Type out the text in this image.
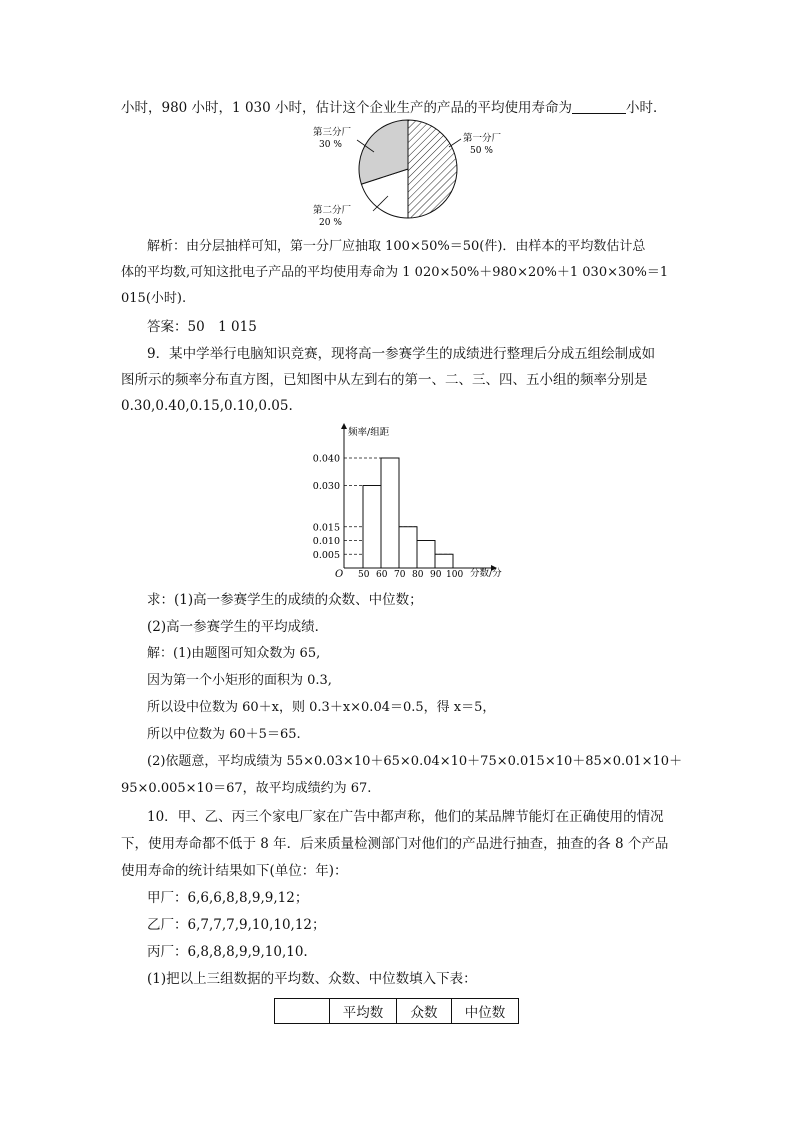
小时，980 小时，1 030 小时，估计这个企业生产的产品的平均使用寿命为	小时．
第一分厂
50 %
第二分厂
20 %
第三分厂
30 %
解析：由分层抽样可知，第一分厂应抽取 100×50%＝50(件)．由样本的平均数估计总
体的平均数,可知这批电子产品的平均使用寿命为 1 020×50%＋980×20%＋1 030×30%＝1
015(小时).
答案：50　1 015
9．某中学举行电脑知识竞赛，现将高一参赛学生的成绩进行整理后分成五组绘制成如
图所示的频率分布直方图，已知图中从左到右的第一、二、三、四、五小组的频率分别是
0.30,0.40,0.15,0.10,0.05.
频率/组距
O	分数/分
0.005
0.010
0.015
0.030
0.040
50 60 70 80 90 100
求：(1)高一参赛学生的成绩的众数、中位数；
(2)高一参赛学生的平均成绩．
解：(1)由题图可知众数为 65,
因为第一个小矩形的面积为 0.3,
所以设中位数为 60＋x，则 0.3＋x×0.04＝0.5，得 x＝5，
所以中位数为 60＋5＝65.
(2)依题意，平均成绩为 55×0.03×10＋65×0.04×10＋75×0.015×10＋85×0.01×10＋
95×0.005×10＝67，故平均成绩约为 67.
10．甲、乙、丙三个家电厂家在广告中都声称，他们的某品牌节能灯在正确使用的情况
下，使用寿命都不低于 8 年．后来质量检测部门对他们的产品进行抽查，抽查的各 8 个产品
使用寿命的统计结果如下(单位：年)：
甲厂：6,6,6,8,8,9,9,12；
乙厂：6,7,7,7,9,10,10,12；
丙厂：6,8,8,8,9,9,10,10.
(1)把以上三组数据的平均数、众数、中位数填入下表：
	平均数	众数	中位数
